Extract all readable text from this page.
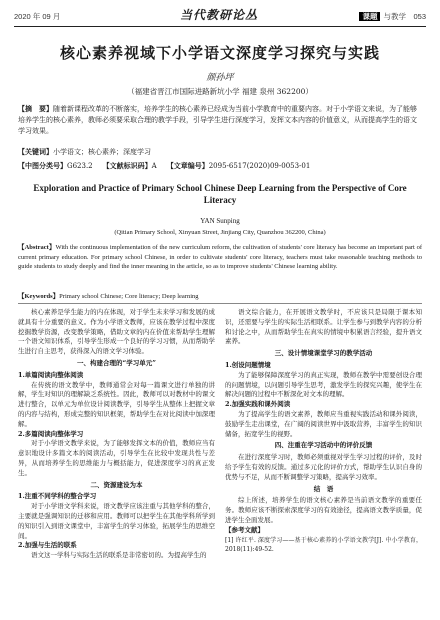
2020 年 09 月	当代教研论丛	课题 与教学　 053
核心素养视域下小学语文深度学习探究与实践
颜孙坪
（福建省晋江市国际进路新坑小学 福建 泉州 362200）
【摘　要】随着新课程改革的不断落实，培养学生的核心素养已经成为当前小学教育中的重要内容。对于小学语文来说，为了能够培养学生的核心素养，教师必须要采取合理的教学手段，引导学生进行深度学习，发挥文本内容的价值意义，从而提高学生的语文学习效果。
【关键词】小学语文；核心素养；深度学习
【中图分类号】G623.2 【文献标识码】A 【文章编号】2095-6517(2020)09-0053-01
Exploration and Practice of Primary School Chinese Deep Learning from the Perspective of Core Literacy
YAN Sunping
(Qitian Primary School, Xinyuan Street, Jinjiang City, Quanzhou 362200, China)
【Abstract】With the continuous implementation of the new curriculum reform, the cultivation of students' core literacy has become an important part of current primary education. For primary school Chinese, in order to cultivate students' core literacy, teachers must take reasonable teaching methods to guide students to study deeply and find the inner meaning in the article, so as to improve students' Chinese learning ability.
【Keywords】Primary school Chinese; Core literacy; Deep learning

核心素养是学生能力的内在体现，对于学生未来学习和发展的成就具有十分重要的意义。作为小学语文教师，应该在教学过程中深度挖掘教学资源，改变教学策略，借助文章的内在价值来帮助学生理解一个语文知识体系，引导学生形成一个良好的学习习惯，从而帮助学生进行自主思考，获得深入的语文学习体验。

一、构建合理的“学习单元”

1.单篇阅读向整体阅读

在传统的语文教学中，教师通常会对每一篇课文进行单独的讲解，学生对知识的理解缺乏系统性。因此，教师可以对教材中的课文进行整合，以单元为单位设计阅读教学，引导学生从整体上把握文章的内容与结构，形成完整的知识框架，帮助学生在对比阅读中加深理解。

2.多篇阅读向整体学习

对于小学语文教学来说，为了能够发挥文本的价值，教师应当有意识地设计多篇文本的阅读活动，引导学生在比较中发现共性与差异，从而培养学生的思维能力与概括能力，促进深度学习的真正发生。

二、资源建设为本

1.注重不同学科的整合学习

对于小学语文学科来说，语文教学应该注重与其他学科的整合，主要就是强调知识的迁移和应用。教师可以把学生在其他学科所学到的知识引入到语文课堂中，丰富学生的学习体验，拓展学生的思维空间。

2.加强与生活的联系

语文这一学科与实际生活的联系是非常密切的。为提高学生的

语文综合能力，在开展语文教学时，不应该只是局限于课本知识，还需要与学生的实际生活相联系。让学生参与到教学内容的分析和讨论之中，从而帮助学生在真实的情境中积累语言经验，提升语文素养。

三、设计情境课堂学习的教学活动

1.创设问题情境

为了能够保障深度学习的真正实现，教师在教学中需要创设合理的问题情境，以问题引导学生思考，激发学生的探究兴趣，使学生在解决问题的过程中不断深化对文本的理解。

2.加强实践和课外阅读

为了提高学生的语文素养，教师应当重视实践活动和课外阅读，鼓励学生走出课堂，在广阔的阅读世界中汲取营养，丰富学生的知识储备，拓宽学生的视野。

四、注重在学习活动中的评价反馈

在进行深度学习时，教师必须重视对学生学习过程的评价，及时给予学生有效的反馈。通过多元化的评价方式，帮助学生认识自身的优势与不足，从而不断调整学习策略，提高学习效率。

结　语

综上所述，培养学生的语文核心素养是当前语文教学的重要任务。教师应该不断探索深度学习的有效途径，提高语文教学质量，促进学生全面发展。

【参考文献】

[1] 许红平. 深度学习——基于核心素养的小学语文教学[J]. 中小学教育，2018(11):49-52.
